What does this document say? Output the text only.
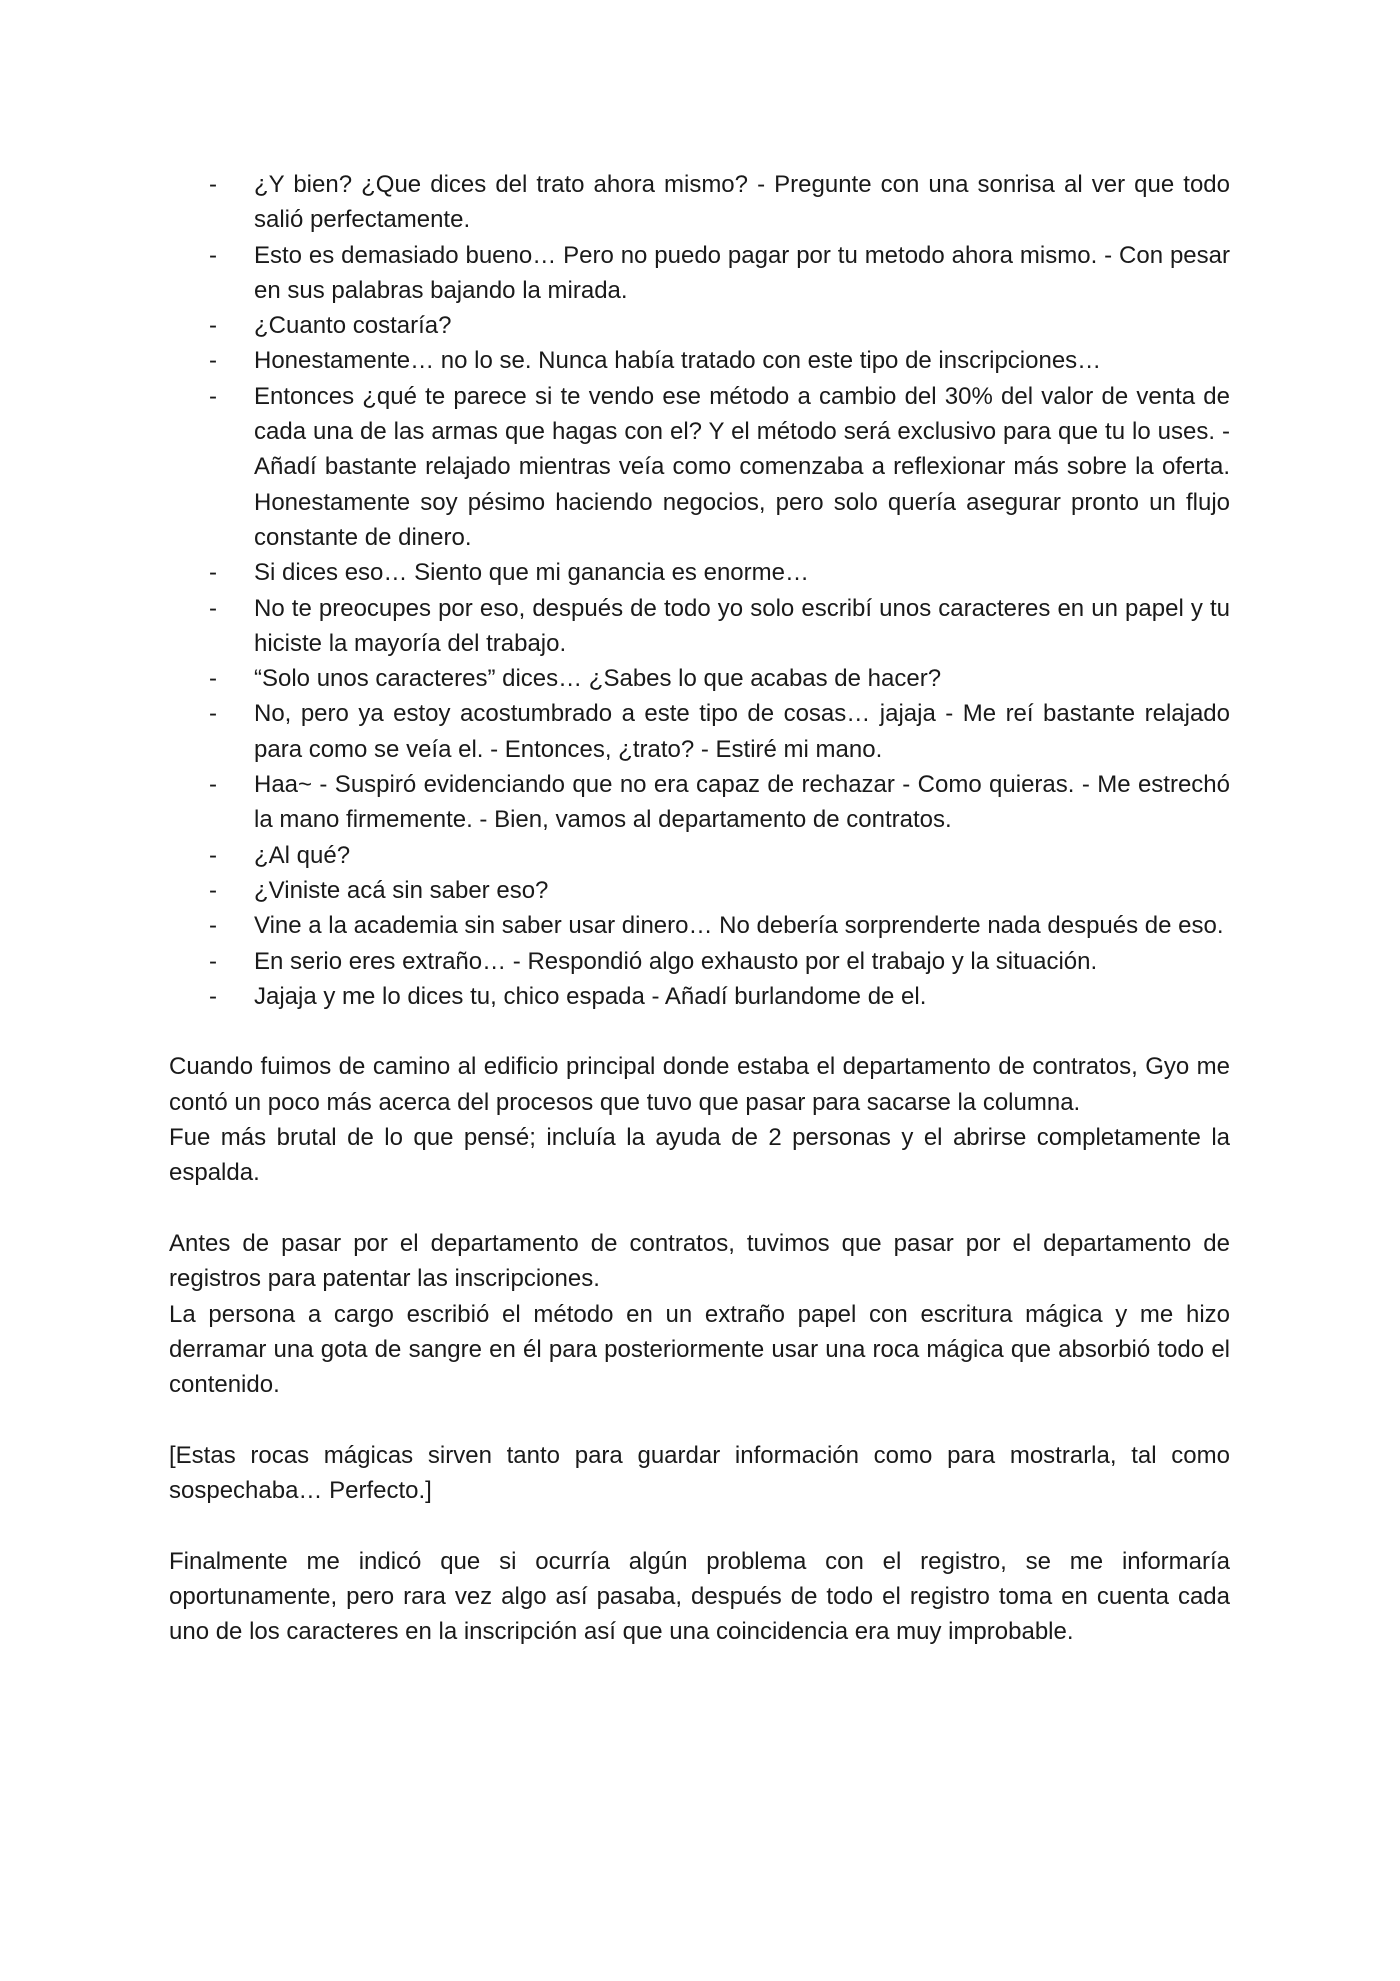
- ¿Y bien? ¿Que dices del trato ahora mismo? - Pregunte con una sonrisa al ver que todo salió perfectamente.
- Esto es demasiado bueno… Pero no puedo pagar por tu metodo ahora mismo. - Con pesar en sus palabras bajando la mirada.
- ¿Cuanto costaría?
- Honestamente… no lo se. Nunca había tratado con este tipo de inscripciones…
- Entonces ¿qué te parece si te vendo ese método a cambio del 30% del valor de venta de cada una de las armas que hagas con el? Y el método será exclusivo para que tu lo uses. - Añadí bastante relajado mientras veía como comenzaba a reflexionar más sobre la oferta. Honestamente soy pésimo haciendo negocios, pero solo quería asegurar pronto un flujo constante de dinero.
- Si dices eso… Siento que mi ganancia es enorme…
- No te preocupes por eso, después de todo yo solo escribí unos caracteres en un papel y tu hiciste la mayoría del trabajo.
- “Solo unos caracteres” dices… ¿Sabes lo que acabas de hacer?
- No, pero ya estoy acostumbrado a este tipo de cosas… jajaja - Me reí bastante relajado para como se veía el. - Entonces, ¿trato? - Estiré mi mano.
- Haa~ - Suspiró evidenciando que no era capaz de rechazar - Como quieras. - Me estrechó la mano firmemente. - Bien, vamos al departamento de contratos.
- ¿Al qué?
- ¿Viniste acá sin saber eso?
- Vine a la academia sin saber usar dinero… No debería sorprenderte nada después de eso.
- En serio eres extraño… - Respondió algo exhausto por el trabajo y la situación.
- Jajaja y me lo dices tu, chico espada - Añadí burlandome de el.

Cuando fuimos de camino al edificio principal donde estaba el departamento de contratos, Gyo me contó un poco más acerca del procesos que tuvo que pasar para sacarse la columna.

Fue más brutal de lo que pensé; incluía la ayuda de 2 personas y el abrirse completamente la espalda.

Antes de pasar por el departamento de contratos, tuvimos que pasar por el departamento de registros para patentar las inscripciones.

La persona a cargo escribió el método en un extraño papel con escritura mágica y me hizo derramar una gota de sangre en él para posteriormente usar una roca mágica que absorbió todo el contenido.

[Estas rocas mágicas sirven tanto para guardar información como para mostrarla, tal como sospechaba… Perfecto.]

Finalmente me indicó que si ocurría algún problema con el registro, se me informaría oportunamente, pero rara vez algo así pasaba, después de todo el registro toma en cuenta cada uno de los caracteres en la inscripción así que una coincidencia era muy improbable.
